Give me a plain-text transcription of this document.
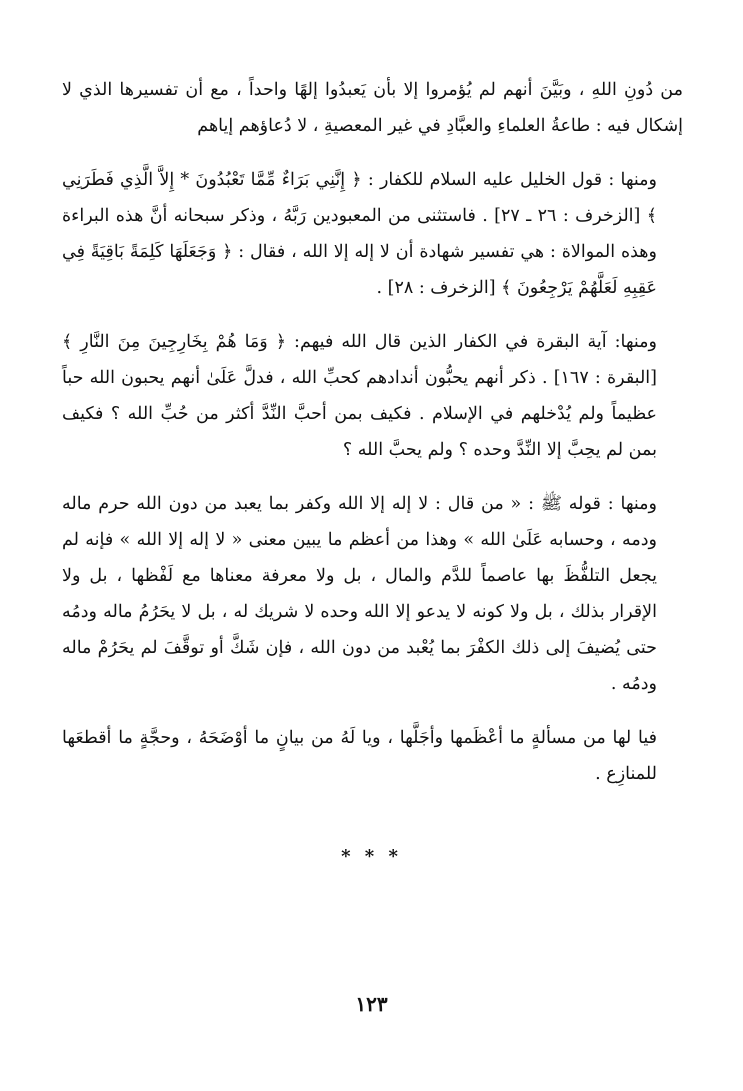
من دُونِ اللهِ ، وبَيَّنَ أنهم لم يُؤمروا إلا بأن يَعبدُوا إلهًا واحداً ، مع أن تفسيرها الذي لا إشكال فيه : طاعةُ العلماءِ والعبَّادِ في غير المعصيةِ ، لا دُعاؤهم إياهم

ومنها : قول الخليل عليه السلام للكفار : ﴿ إِنَّنِي بَرَاءٌ مِّمَّا تَعْبُدُونَ * إِلاَّ الَّذِي فَطَرَنِي ﴾ [الزخرف : ٢٦ ـ ٢٧] . فاستثنى من المعبودين رَبَّهُ ، وذكر سبحانه أنَّ هذه البراءة وهذه الموالاة : هي تفسير شهادة أن لا إله إلا الله ، فقال : ﴿ وَجَعَلَهَا كَلِمَةً بَاقِيَةً فِي عَقِبِهِ لَعَلَّهُمْ يَرْجِعُونَ ﴾ [الزخرف : ٢٨] .

ومنها: آية البقرة في الكفار الذين قال الله فيهم: ﴿ وَمَا هُمْ بِخَارِجِينَ مِنَ النَّارِ ﴾ [البقرة : ١٦٧] . ذكر أنهم يحبُّون أندادهم كحبِّ الله ، فدلَّ عَلَىٰ أنهم يحبون الله حباً عظيماً ولم يُدْخلهم في الإسلام . فكيف بمن أحبَّ النِّدَّ أكثر من حُبِّ الله ؟ فكيف بمن لم يحِبَّ إلا النِّدَّ وحده ؟ ولم يحبَّ الله ؟

ومنها : قوله ﷺ : « من قال : لا إله إلا الله وكفر بما يعبد من دون الله حرم ماله ودمه ، وحسابه عَلَىٰ الله » وهذا من أعظم ما يبين معنى « لا إله إلا الله » فإنه لم يجعل التلفُّظَ بها عاصماً للدَّم والمال ، بل ولا معرفة معناها مع لَفْظها ، بل ولا الإقرار بذلك ، بل ولا كونه لا يدعو إلا الله وحده لا شريك له ، بل لا يحَرُمُ ماله ودمُه حتى يُضيفَ إلى ذلك الكفْرَ بما يُعْبد من دون الله ، فإن شَكَّ أو توقَّفَ لم يحَرُمْ ماله ودمُه .

فيا لها من مسألةٍ ما أعْظَمها وأجَلَّها ، ويا لَهُ من بيانٍ ما أوْضَحَهُ ، وحجَّةٍ ما أقطعَها للمنازِع .

* * *
١٢٣
